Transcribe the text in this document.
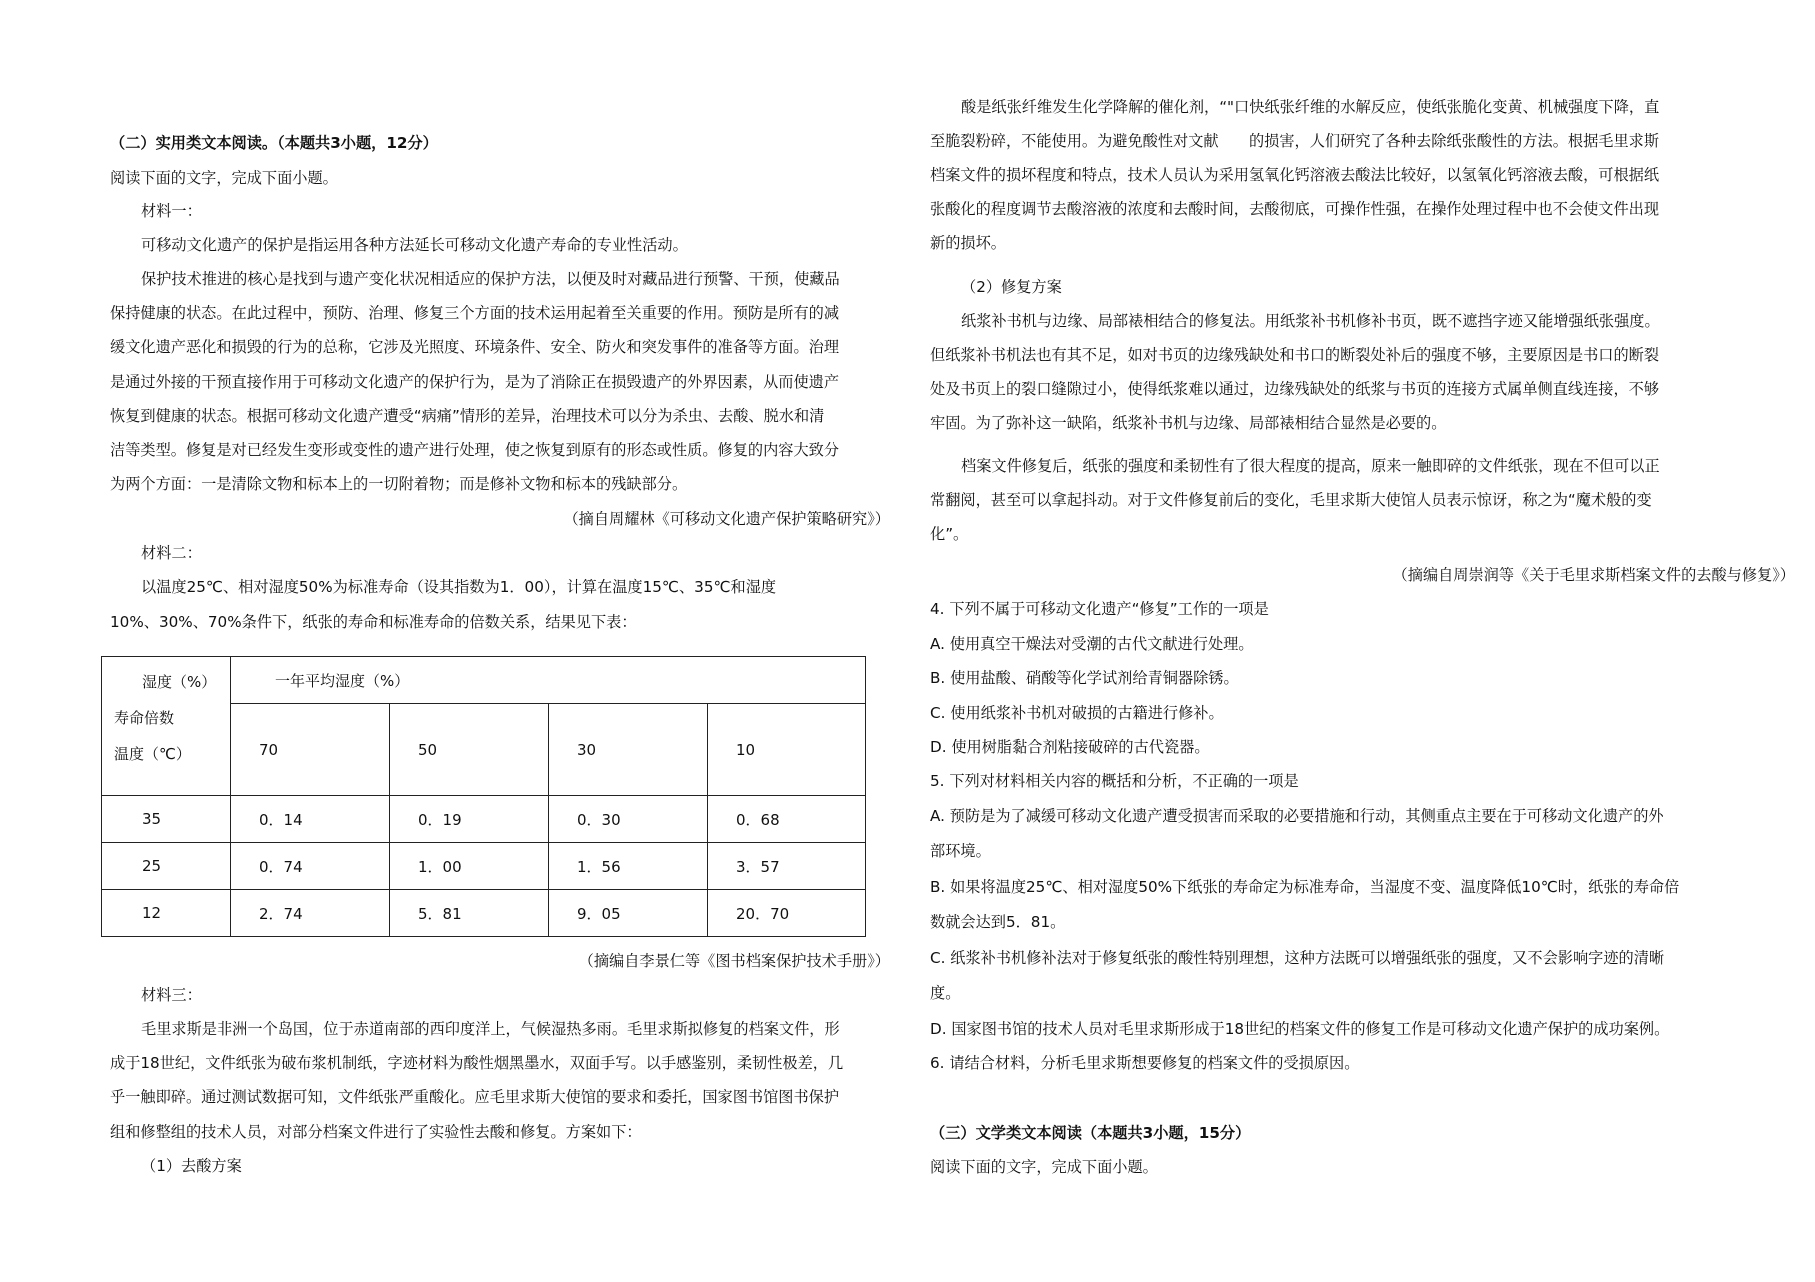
（二）实用类文本阅读。（本题共3小题，12分）
阅读下面的文字，完成下面小题。
材料一：
可移动文化遗产的保护是指运用各种方法延长可移动文化遗产寿命的专业性活动。
保护技术推进的核心是找到与遗产变化状况相适应的保护方法，以便及时对藏品进行预警、干预，使藏品
保持健康的状态。在此过程中，预防、治理、修复三个方面的技术运用起着至关重要的作用。预防是所有的减
缓文化遗产恶化和损毁的行为的总称，它涉及光照度、环境条件、安全、防火和突发事件的准备等方面。治理
是通过外接的干预直接作用于可移动文化遗产的保护行为，是为了消除正在损毁遗产的外界因素，从而使遗产
恢复到健康的状态。根据可移动文化遗产遭受“病痛”情形的差异，治理技术可以分为杀虫、去酸、脱水和清
洁等类型。修复是对已经发生变形或变性的遗产进行处理，使之恢复到原有的形态或性质。修复的内容大致分
为两个方面：一是清除文物和标本上的一切附着物；而是修补文物和标本的残缺部分。
（摘自周耀林《可移动文化遗产保护策略研究》）
材料二：
以温度25℃、相对湿度50%为标准寿命（设其指数为1．00），计算在温度15℃、35℃和湿度
10%、30%、70%条件下，纸张的寿命和标准寿命的倍数关系，结果见下表：
湿度（%）
寿命倍数
温度（℃）	一年平均湿度（%）			
	70	50	30	10
35	0．14	0．19	0．30	0．68
25	0．74	1．00	1．56	3．57
12	2．74	5．81	9．05	20．70
（摘编自李景仁等《图书档案保护技术手册》）
材料三：
毛里求斯是非洲一个岛国，位于赤道南部的西印度洋上，气候湿热多雨。毛里求斯拟修复的档案文件，形
成于18世纪，文件纸张为破布浆机制纸，字迹材料为酸性烟黑墨水，双面手写。以手感鉴别，柔韧性极差，几
乎一触即碎。通过测试数据可知，文件纸张严重酸化。应毛里求斯大使馆的要求和委托，国家图书馆图书保护
组和修整组的技术人员，对部分档案文件进行了实验性去酸和修复。方案如下：
（1）去酸方案
酸是纸张纤维发生化学降解的催化剂，“"口快纸张纤维的水解反应，使纸张脆化变黄、机械强度下降，直
至脆裂粉碎，不能使用。为避免酸性对文献　　的损害，人们研究了各种去除纸张酸性的方法。根据毛里求斯
档案文件的损坏程度和特点，技术人员认为采用氢氧化钙溶液去酸法比较好，以氢氧化钙溶液去酸，可根据纸
张酸化的程度调节去酸溶液的浓度和去酸时间，去酸彻底，可操作性强，在操作处理过程中也不会使文件出现
新的损坏。
（2）修复方案
纸浆补书机与边缘、局部裱相结合的修复法。用纸浆补书机修补书页，既不遮挡字迹又能增强纸张强度。
但纸浆补书机法也有其不足，如对书页的边缘残缺处和书口的断裂处补后的强度不够，主要原因是书口的断裂
处及书页上的裂口缝隙过小，使得纸浆难以通过，边缘残缺处的纸浆与书页的连接方式属单侧直线连接，不够
牢固。为了弥补这一缺陷，纸浆补书机与边缘、局部裱相结合显然是必要的。
档案文件修复后，纸张的强度和柔韧性有了很大程度的提高，原来一触即碎的文件纸张，现在不但可以正
常翻阅，甚至可以拿起抖动。对于文件修复前后的变化，毛里求斯大使馆人员表示惊讶，称之为“魔术般的变
化”。
（摘编自周崇润等《关于毛里求斯档案文件的去酸与修复》）
4. 下列不属于可移动文化遗产“修复”工作的一项是
A. 使用真空干燥法对受潮的古代文献进行处理。
B. 使用盐酸、硝酸等化学试剂给青铜器除锈。
C. 使用纸浆补书机对破损的古籍进行修补。
D. 使用树脂黏合剂粘接破碎的古代瓷器。
5. 下列对材料相关内容的概括和分析，不正确的一项是
A. 预防是为了减缓可移动文化遗产遭受损害而采取的必要措施和行动，其侧重点主要在于可移动文化遗产的外
部环境。
B. 如果将温度25℃、相对湿度50%下纸张的寿命定为标准寿命，当湿度不变、温度降低10℃时，纸张的寿命倍
数就会达到5．81。
C. 纸浆补书机修补法对于修复纸张的酸性特别理想，这种方法既可以增强纸张的强度，又不会影响字迹的清晰
度。
D. 国家图书馆的技术人员对毛里求斯形成于18世纪的档案文件的修复工作是可移动文化遗产保护的成功案例。
6. 请结合材料，分析毛里求斯想要修复的档案文件的受损原因。
（三）文学类文本阅读（本题共3小题，15分）
阅读下面的文字，完成下面小题。
